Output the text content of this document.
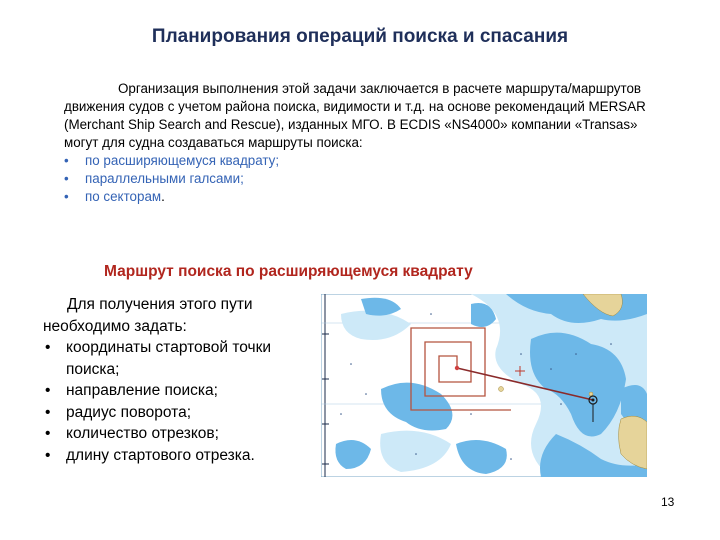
Планирования операций поиска и спасания

Организация выполнения этой задачи заключается в расчете маршрута/маршрутов движения судов с учетом района поиска, видимости и т.д. на основе рекомендаций MERSAR (Merchant Ship Search and Rescue), изданных МГО. В ECDIS «NS4000» компании «Transas» могут для судна создаваться маршруты поиска:

• по расширяющемуся квадрату;
• параллельными галсами;
• по секторам.
Маршрут поиска по расширяющемуся квадрату

Для получения этого пути необходимо задать:

• координаты стартовой точки поиска;
• направление поиска;
• радиус поворота;
• количество отрезков;
• длину стартового отрезка.
13
